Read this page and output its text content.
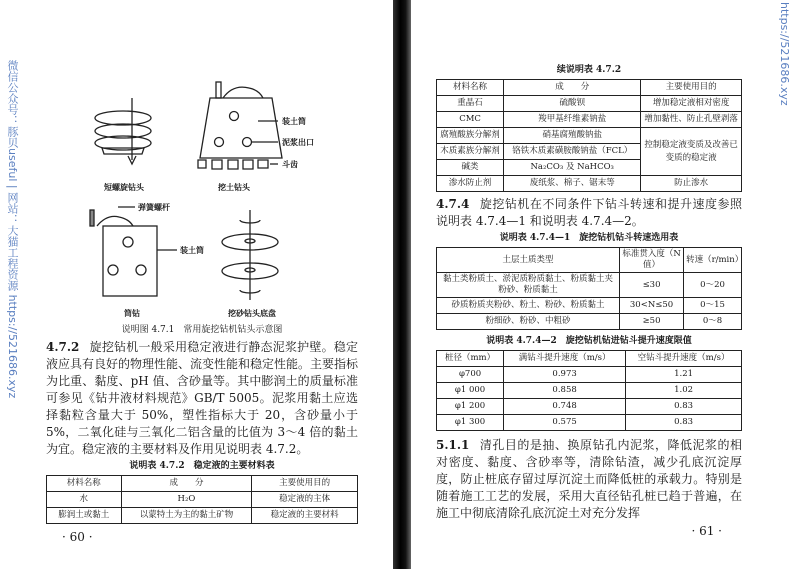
微信公众号：豚贝useful | 网站：大猫工程资源 https://521686.xyz
https://521686.xyz
装土筒
泥浆出口
斗齿
短螺旋钻头	挖土钻头
弹簧螺杆
装土筒
筒钻	挖砂钻头底盘
说明图 4.7.1　常用旋挖钻机钻头示意图
4.7.2 旋挖钻机一般采用稳定液进行静态泥浆护壁。稳定液应具有良好的物理性能、流变性能和稳定性能。主要指标为比重、黏度、pH 值、含砂量等。其中膨润土的质量标准可参见《钻井液材料规范》GB/T 5005。泥浆用黏土应选择黏粒含量大于 50%，塑性指标大于 20，含砂量小于 5%，二氧化硅与三氧化二铝含量的比值为 3～4 倍的黏土为宜。稳定液的主要材料及作用见说明表 4.7.2。
说明表 4.7.2　稳定液的主要材料表
材料名称	成　　分	主要使用目的
水	H₂O	稳定液的主体
膨润土或黏土	以蒙特土为主的黏土矿物	稳定液的主要材料
· 60 ·
续说明表 4.7.2
材料名称	成　　分	主要使用目的
重晶石	硫酸钡	增加稳定液相对密度
CMC	羧甲基纤维素钠盐	增加黏性、防止孔壁剥落
腐殖酸族分解剂	硝基腐殖酸钠盐	控制稳定液变质及改善已变质的稳定液
木质素族分解剂	铬铁木质素磺胺酸钠盐（FCL）	
碱类	Na₂CO₃ 及 NaHCO₃	
渗水防止剂	废纸浆、棉子、锯末等	防止渗水
4.7.4 旋挖钻机在不同条件下钻斗转速和提升速度参照说明表 4.7.4—1 和说明表 4.7.4—2。
说明表 4.7.4—1　旋挖钻机钻斗转速选用表
土层土质类型	标准贯入度（N 值）	转速（r/min）
黏土类粉质土、淤泥质粉质黏土、粉质黏土夹粉砂、粉质黏土	≤30	0～20
砂质粉质夹粉砂、粉土、粉砂、粉质黏土	30<N≤50	0～15
粉细砂、粉砂、中粗砂	≥50	0～8
说明表 4.7.4—2　旋挖钻机钻进钻斗提升速度限值
桩径（mm）	满钻斗提升速度（m/s）	空钻斗提升速度（m/s）
φ700	0.973	1.21
φ1 000	0.858	1.02
φ1 200	0.748	0.83
φ1 300	0.575	0.83
5.1.1 清孔目的是抽、换原钻孔内泥浆，降低泥浆的相对密度、黏度、含砂率等，清除钻渣，减少孔底沉淀厚度，防止桩底存留过厚沉淀土而降低桩的承载力。特别是随着施工工艺的发展，采用大直径钻孔桩已趋于普遍，在施工中彻底清除孔底沉淀土对充分发挥
· 61 ·
